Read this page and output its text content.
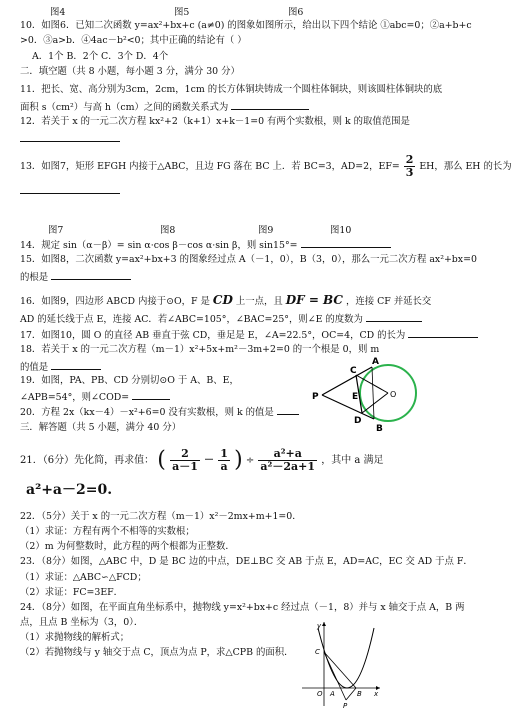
图4	图5	图6
10．如图6．已知二次函数 y=ax²+bx+c (a≠0) 的图象如图所示，给出以下四个结论 ①abc=0；②a+b+c
>0．③a>b．④4ac－b²<0；其中正确的结论有（ ）
A．1个 B．2个 C．3个 D．4个
二．填空题（共 8 小题，每小题 3 分，满分 30 分）
11．把长、宽、高分别为3cm，2cm，1cm 的长方体铜块铸成一个圆柱体铜块，则该圆柱体铜块的底
面积 s（cm²）与高 h（cm）之间的函数关系式为
12．若关于 x 的一元二次方程 kx²+2（k+1）x+k－1=0 有两个实数根，则 k 的取值范围是
13．如图7，矩形 EFGH 内接于△ABC，且边 FG 落在 BC 上．若 BC=3，AD=2，$EF= \frac{2}{3}$ EH，那么 EH 的长为
图7	图8	图9	图10
14．规定 sin（α－β）= sin α·cos β－cos α·sin β，则 sin15°=
15．如图8，二次函数 y=ax²+bx+3 的图象经过点 A（－1，0），B（3，0），那么一元二次方程 ax²+bx=0
的根是
16．如图9，四边形 ABCD 内接于⊙O，F 是 CD 上一点，且 DF = BC ，连接 CF 并延长交
AD 的延长线于点 E，连接 AC．若∠ABC=105°，∠BAC=25°，则∠E 的度数为
17．如图10，圆 O 的直径 AB 垂直于弦 CD，垂足是 E，∠A=22.5°，OC=4，CD 的长为
18．若关于 x 的一元二次方程（m－1）x²+5x+m²－3m+2=0 的一个根是 0，则 m
的值是
19．如图，PA、PB、CD 分别切⊙O 于 A、B、E，
∠APB=54°，则∠COD=
20．方程 2x（kx－4）－x²+6=0 没有实数根，则 k 的值是
A
B
C
D
E	O
P
三．解答题（共 5 小题，满分 40 分）
21．（6分）先化简，再求值： ( $\frac{2}{a-1} - \frac{1}{a}$ ) ÷ $\frac{\text{a²+a}}{\text{a²－2a+1}}$ ，其中 a 满足
a²+a－2=0.
22．（5分）关于 x 的一元二次方程（m－1）x²－2mx+m+1=0．
（1）求证：方程有两个不相等的实数根；
（2）m 为何整数时，此方程的两个根都为正整数．
23．（8分）如图，△ABC 中，D 是 BC 边的中点，DE⊥BC 交 AB 于点 E，AD=AC，EC 交 AD 于点 F．
（1）求证：△ABC∽△FCD；
（2）求证：FC=3EF．
24．（8分）如图，在平面直角坐标系中，抛物线 y=x²+bx+c 经过点（－1，8）并与 x 轴交于点 A，B 两
点，且点 B 坐标为（3，0）．
（1）求抛物线的解析式；
（2）若抛物线与 y 轴交于点 C，顶点为点 P，求△CPB 的面积．
y
x
C
O A	B
P
